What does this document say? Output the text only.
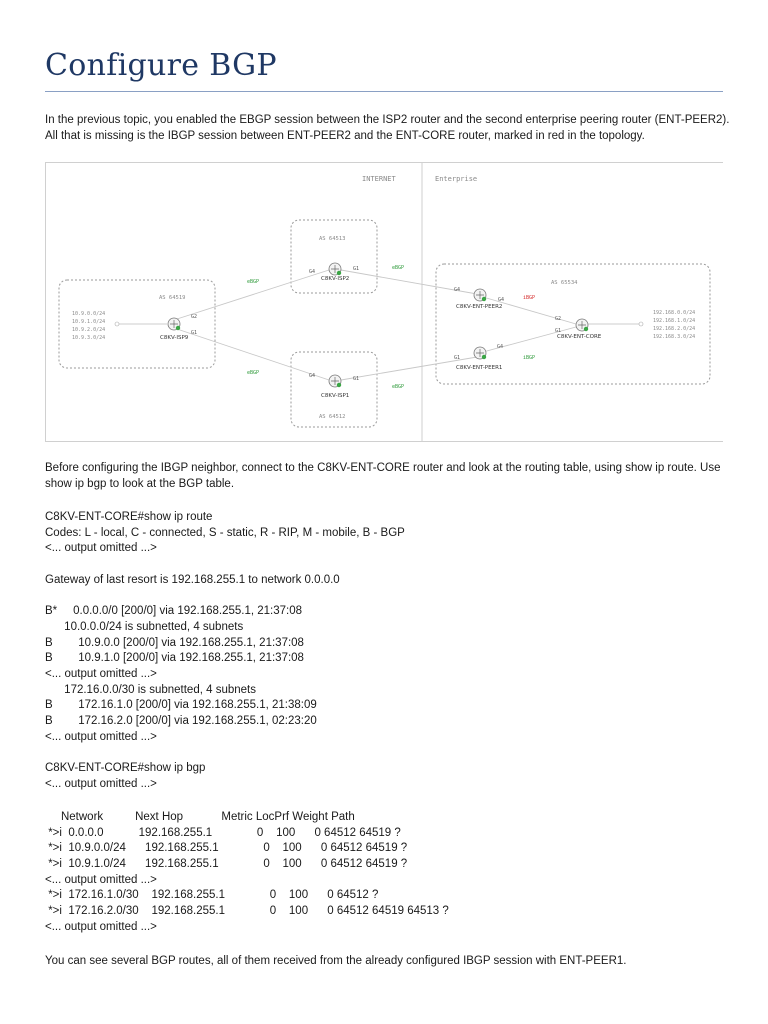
Configure BGP

In the previous topic, you enabled the EBGP session between the ISP2 router and the second enterprise peering router (ENT-PEER2).
All that is missing is the IBGP session between ENT-PEER2 and the ENT-CORE router, marked in red in the topology.

INTERNET	Enterprise
AS 64519
AS 64513
AS 64512
AS 65534
10.9.0.0/24
10.9.1.0/24
10.9.2.0/24
10.9.3.0/24
192.168.0.0/24
192.168.1.0/24
192.168.2.0/24
192.168.3.0/24
eBGP
eBGP
eBGP
eBGP
iBGP
iBGP
G2
G1
G4	G1
G4	G1
G4
G4
G1
G4
G2
G1
C8KV-ISP9
C8KV-ISP2
C8KV-ISP1
C8KV-ENT-PEER2
C8KV-ENT-PEER1
C8KV-ENT-CORE

Before configuring the IBGP neighbor, connect to the C8KV-ENT-CORE router and look at the routing table, using show ip route. Use
show ip bgp to look at the BGP table.

C8KV-ENT-CORE#show ip route
Codes: L - local, C - connected, S - static, R - RIP, M - mobile, B - BGP
<... output omitted ...>
Gateway of last resort is 192.168.255.1 to network 0.0.0.0
B*     0.0.0.0/0 [200/0] via 192.168.255.1, 21:37:08
10.0.0.0/24 is subnetted, 4 subnets
B        10.9.0.0 [200/0] via 192.168.255.1, 21:37:08
B        10.9.1.0 [200/0] via 192.168.255.1, 21:37:08
<... output omitted ...>
172.16.0.0/30 is subnetted, 4 subnets
B        172.16.1.0 [200/0] via 192.168.255.1, 21:38:09
B        172.16.2.0 [200/0] via 192.168.255.1, 02:23:20
<... output omitted ...>
C8KV-ENT-CORE#show ip bgp
<... output omitted ...>
Network          Next Hop            Metric LocPrf Weight Path
*>i  0.0.0.0           192.168.255.1              0    100      0 64512 64519 ?
*>i  10.9.0.0/24      192.168.255.1              0    100      0 64512 64519 ?
*>i  10.9.1.0/24      192.168.255.1              0    100      0 64512 64519 ?
<... output omitted ...>
*>i  172.16.1.0/30    192.168.255.1              0    100      0 64512 ?
*>i  172.16.2.0/30    192.168.255.1              0    100      0 64512 64519 64513 ?
<... output omitted ...>

You can see several BGP routes, all of them received from the already configured IBGP session with ENT-PEER1.
